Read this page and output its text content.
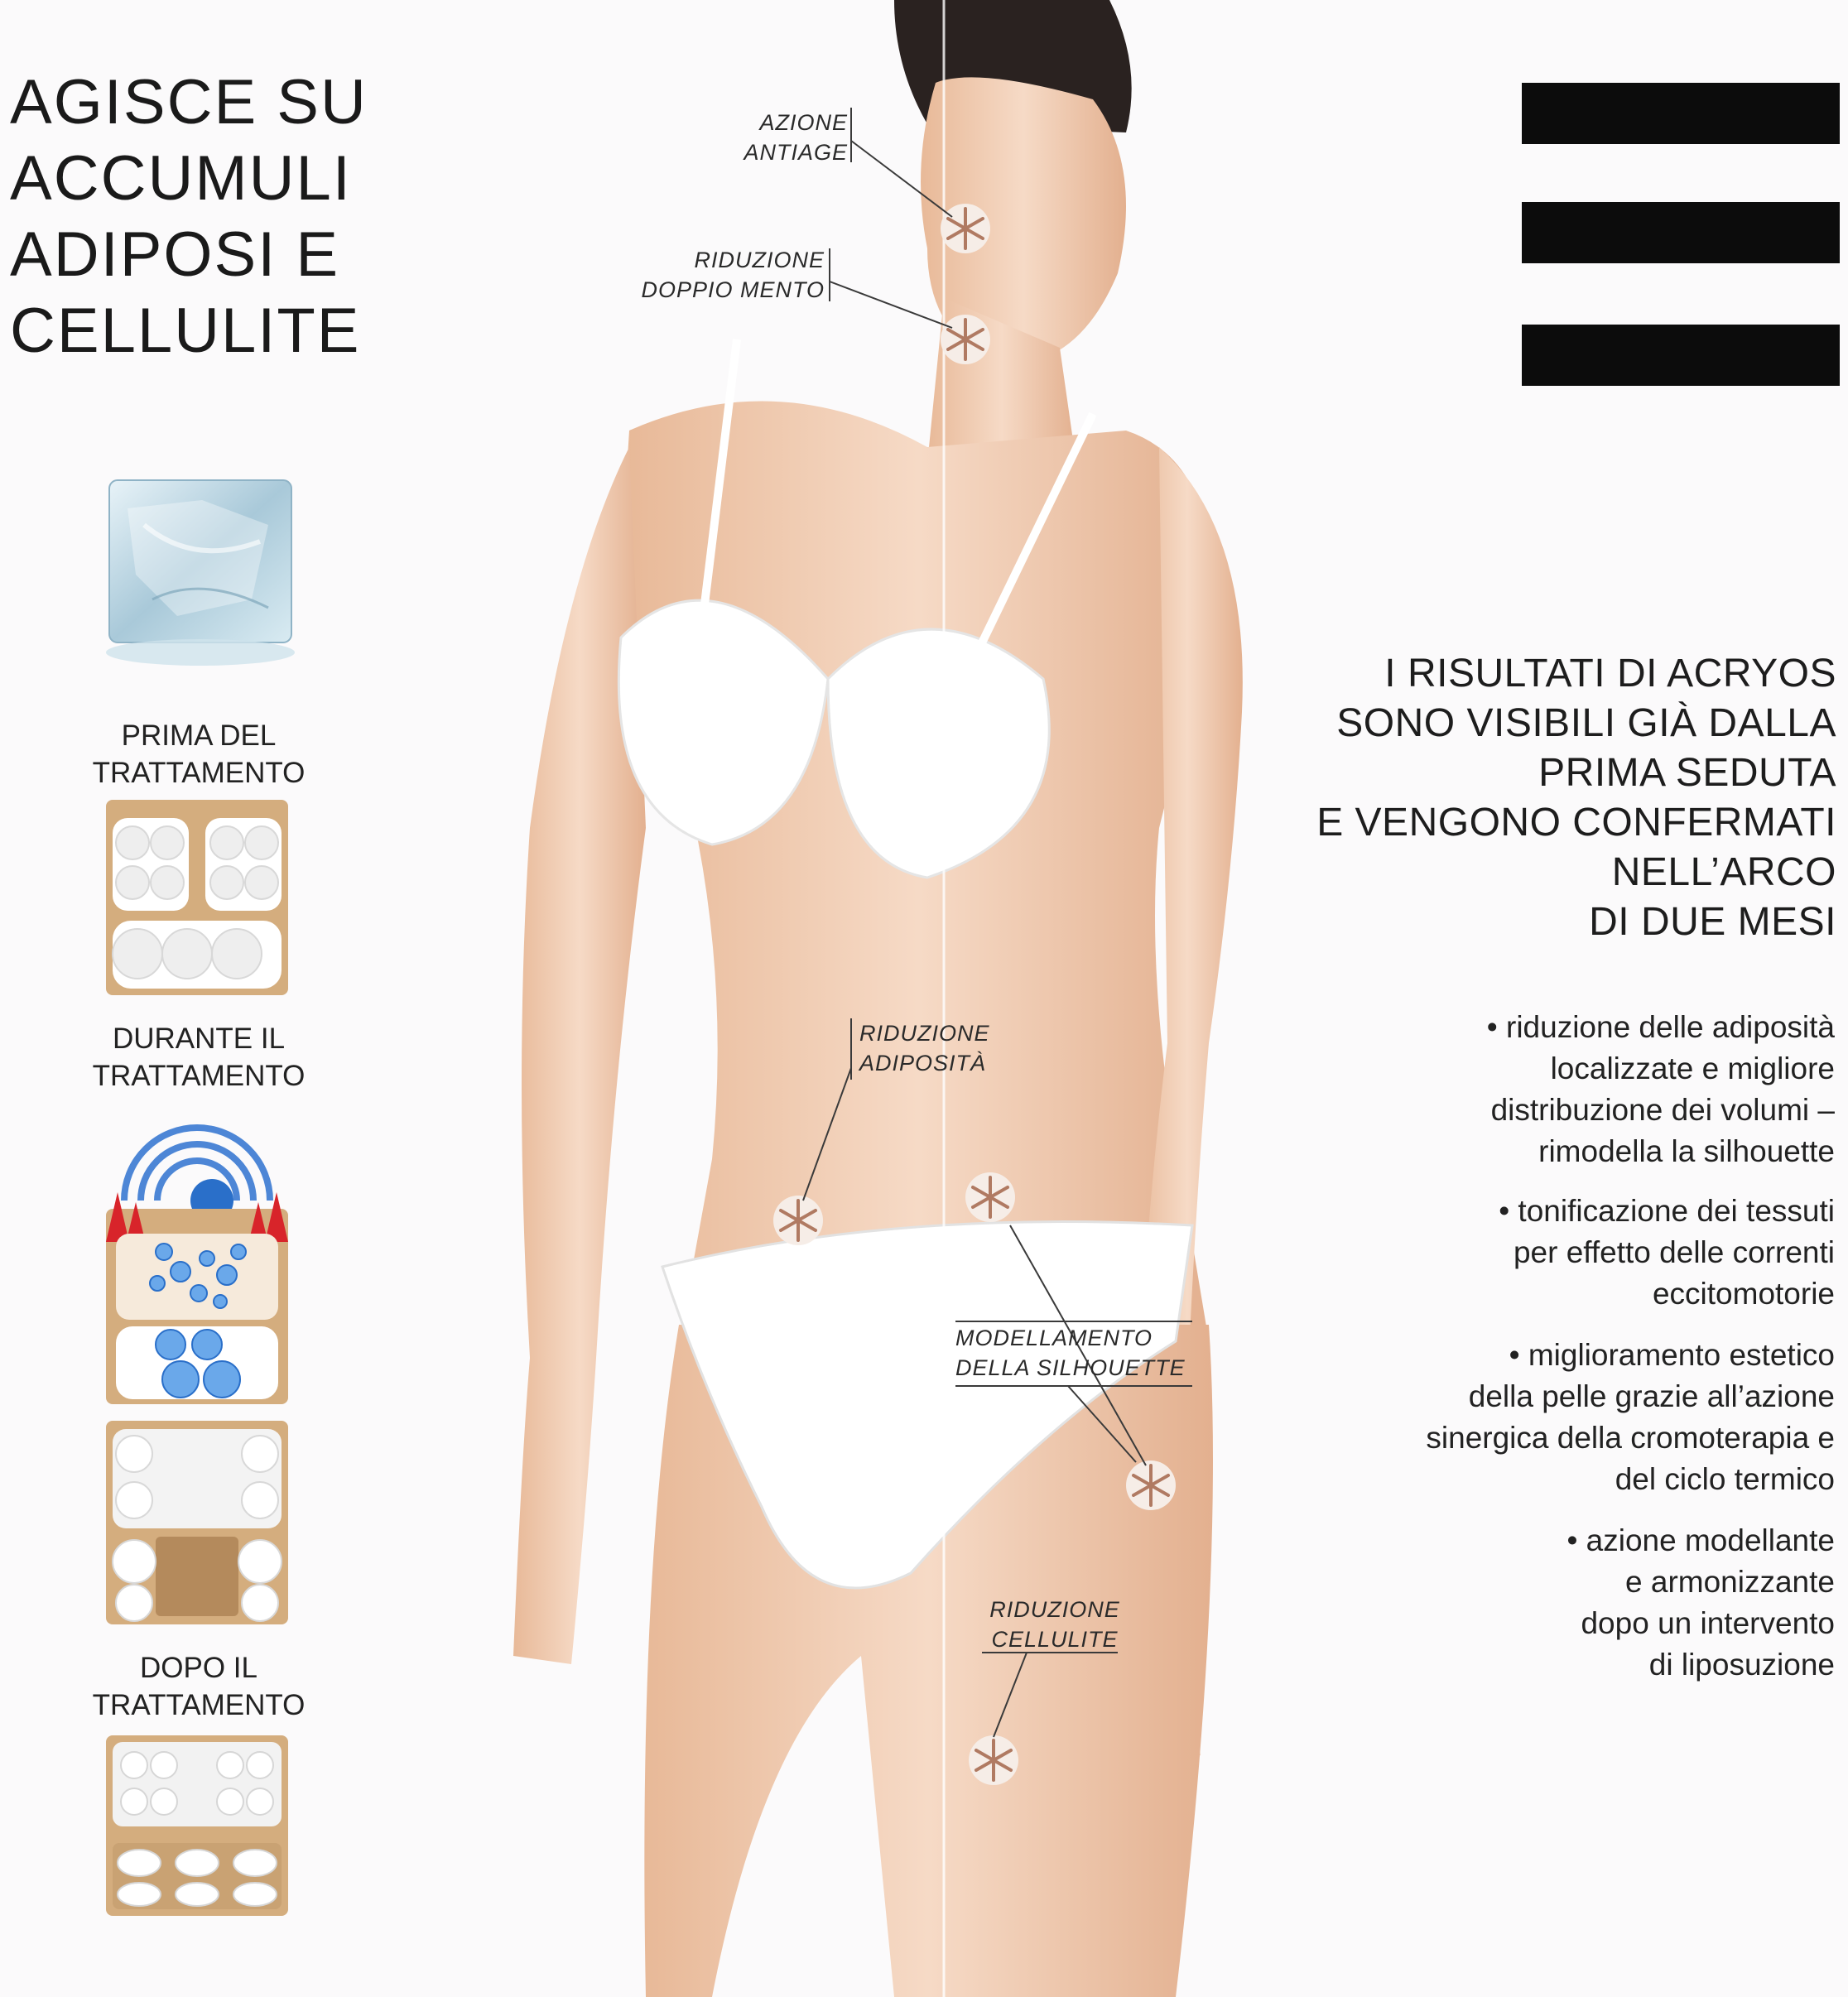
AGISCE SU
ACCUMULI
ADIPOSI E
CELLULITE
PRIMA DEL
TRATTAMENTO
DURANTE IL
TRATTAMENTO
DOPO IL
TRATTAMENTO
AZIONE
ANTIAGE
RIDUZIONE
DOPPIO MENTO
RIDUZIONE
ADIPOSITÀ
MODELLAMENTO
DELLA SILHOUETTE
RIDUZIONE
CELLULITE
I RISULTATI DI ACRYOS
SONO VISIBILI GIÀ DALLA
PRIMA SEDUTA
E VENGONO CONFERMATI
NELL’ARCO
DI DUE MESI
• riduzione delle adiposità
localizzate e migliore
distribuzione dei volumi –
rimodella la silhouette
• tonificazione dei tessuti
per effetto delle correnti
eccitomotorie
• miglioramento estetico
della pelle grazie all’azione
sinergica della cromoterapia e
del ciclo termico
• azione modellante
e armonizzante
dopo un intervento
di liposuzione
